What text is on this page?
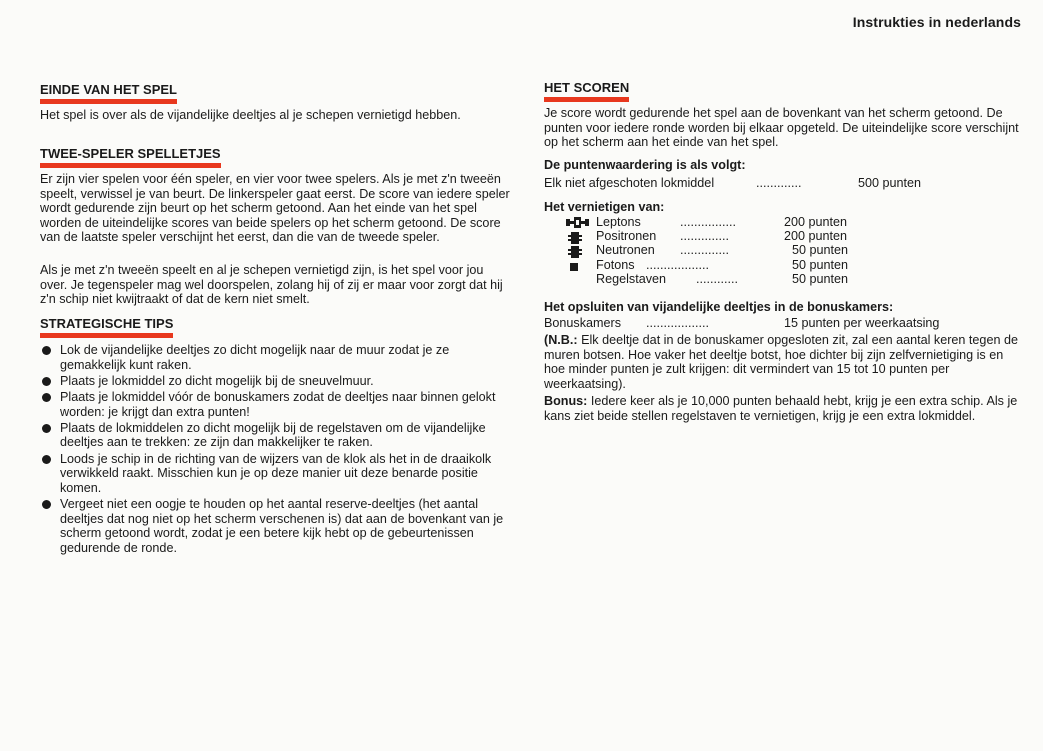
Instrukties in nederlands
EINDE VAN HET SPEL
Het spel is over als de vijandelijke deeltjes al je schepen vernietigd hebben.
TWEE-SPELER SPELLETJES
Er zijn vier spelen voor één speler, en vier voor twee spelers. Als je met z'n tweeën speelt, verwissel je van beurt. De linkerspeler gaat eerst. De score van iedere speler wordt gedurende zijn beurt op het scherm getoond. Aan het einde van het spel worden de uiteindelijke scores van beide spelers op het scherm getoond. De score van de laatste speler verschijnt het eerst, dan die van de tweede speler.
Als je met z'n tweeën speelt en al je schepen vernietigd zijn, is het spel voor jou over. Je tegenspeler mag wel doorspelen, zolang hij of zij er maar voor zorgt dat hij z'n schip niet kwijtraakt of dat de kern niet smelt.
STRATEGISCHE TIPS
Lok de vijandelijke deeltjes zo dicht mogelijk naar de muur zodat je ze gemakkelijk kunt raken.
Plaats je lokmiddel zo dicht mogelijk bij de sneuvelmuur.
Plaats je lokmiddel vóór de bonuskamers zodat de deeltjes naar binnen gelokt worden: je krijgt dan extra punten!
Plaats de lokmiddelen zo dicht mogelijk bij de regelstaven om de vijandelijke deeltjes aan te trekken: ze zijn dan makkelijker te raken.
Loods je schip in de richting van de wijzers van de klok als het in de draaikolk verwikkeld raakt. Misschien kun je op deze manier uit deze benarde positie komen.
Vergeet niet een oogje te houden op het aantal reserve-deeltjes (het aantal deeltjes dat nog niet op het scherm verschenen is) dat aan de bovenkant van je scherm getoond wordt, zodat je een betere kijk hebt op de gebeurtenissen gedurende de ronde.
HET SCOREN
Je score wordt gedurende het spel aan de bovenkant van het scherm getoond. De punten voor iedere ronde worden bij elkaar opgeteld. De uiteindelijke score verschijnt op het scherm aan het einde van het spel.
De puntenwaardering is als volgt:
Elk niet afgeschoten lokmiddel	.............	500 punten
Het vernietigen van:
Leptons	................	200 punten
Positronen ..............	200 punten
Neutronen ..............	50 punten
Fotons ..................	50 punten
Regelstaven ............	50 punten
Het opsluiten van vijandelijke deeltjes in de bonuskamers:
Bonuskamers ..................	15 punten per weerkaatsing
(N.B.: Elk deeltje dat in de bonuskamer opgesloten zit, zal een aantal keren tegen de muren botsen. Hoe vaker het deeltje botst, hoe dichter bij zijn zelfvernietiging is en hoe minder punten je zult krijgen: dit vermindert van 15 tot 10 punten per weerkaatsing).
Bonus: Iedere keer als je 10,000 punten behaald hebt, krijg je een extra schip. Als je kans ziet beide stellen regelstaven te vernietigen, krijg je een extra lokmiddel.
